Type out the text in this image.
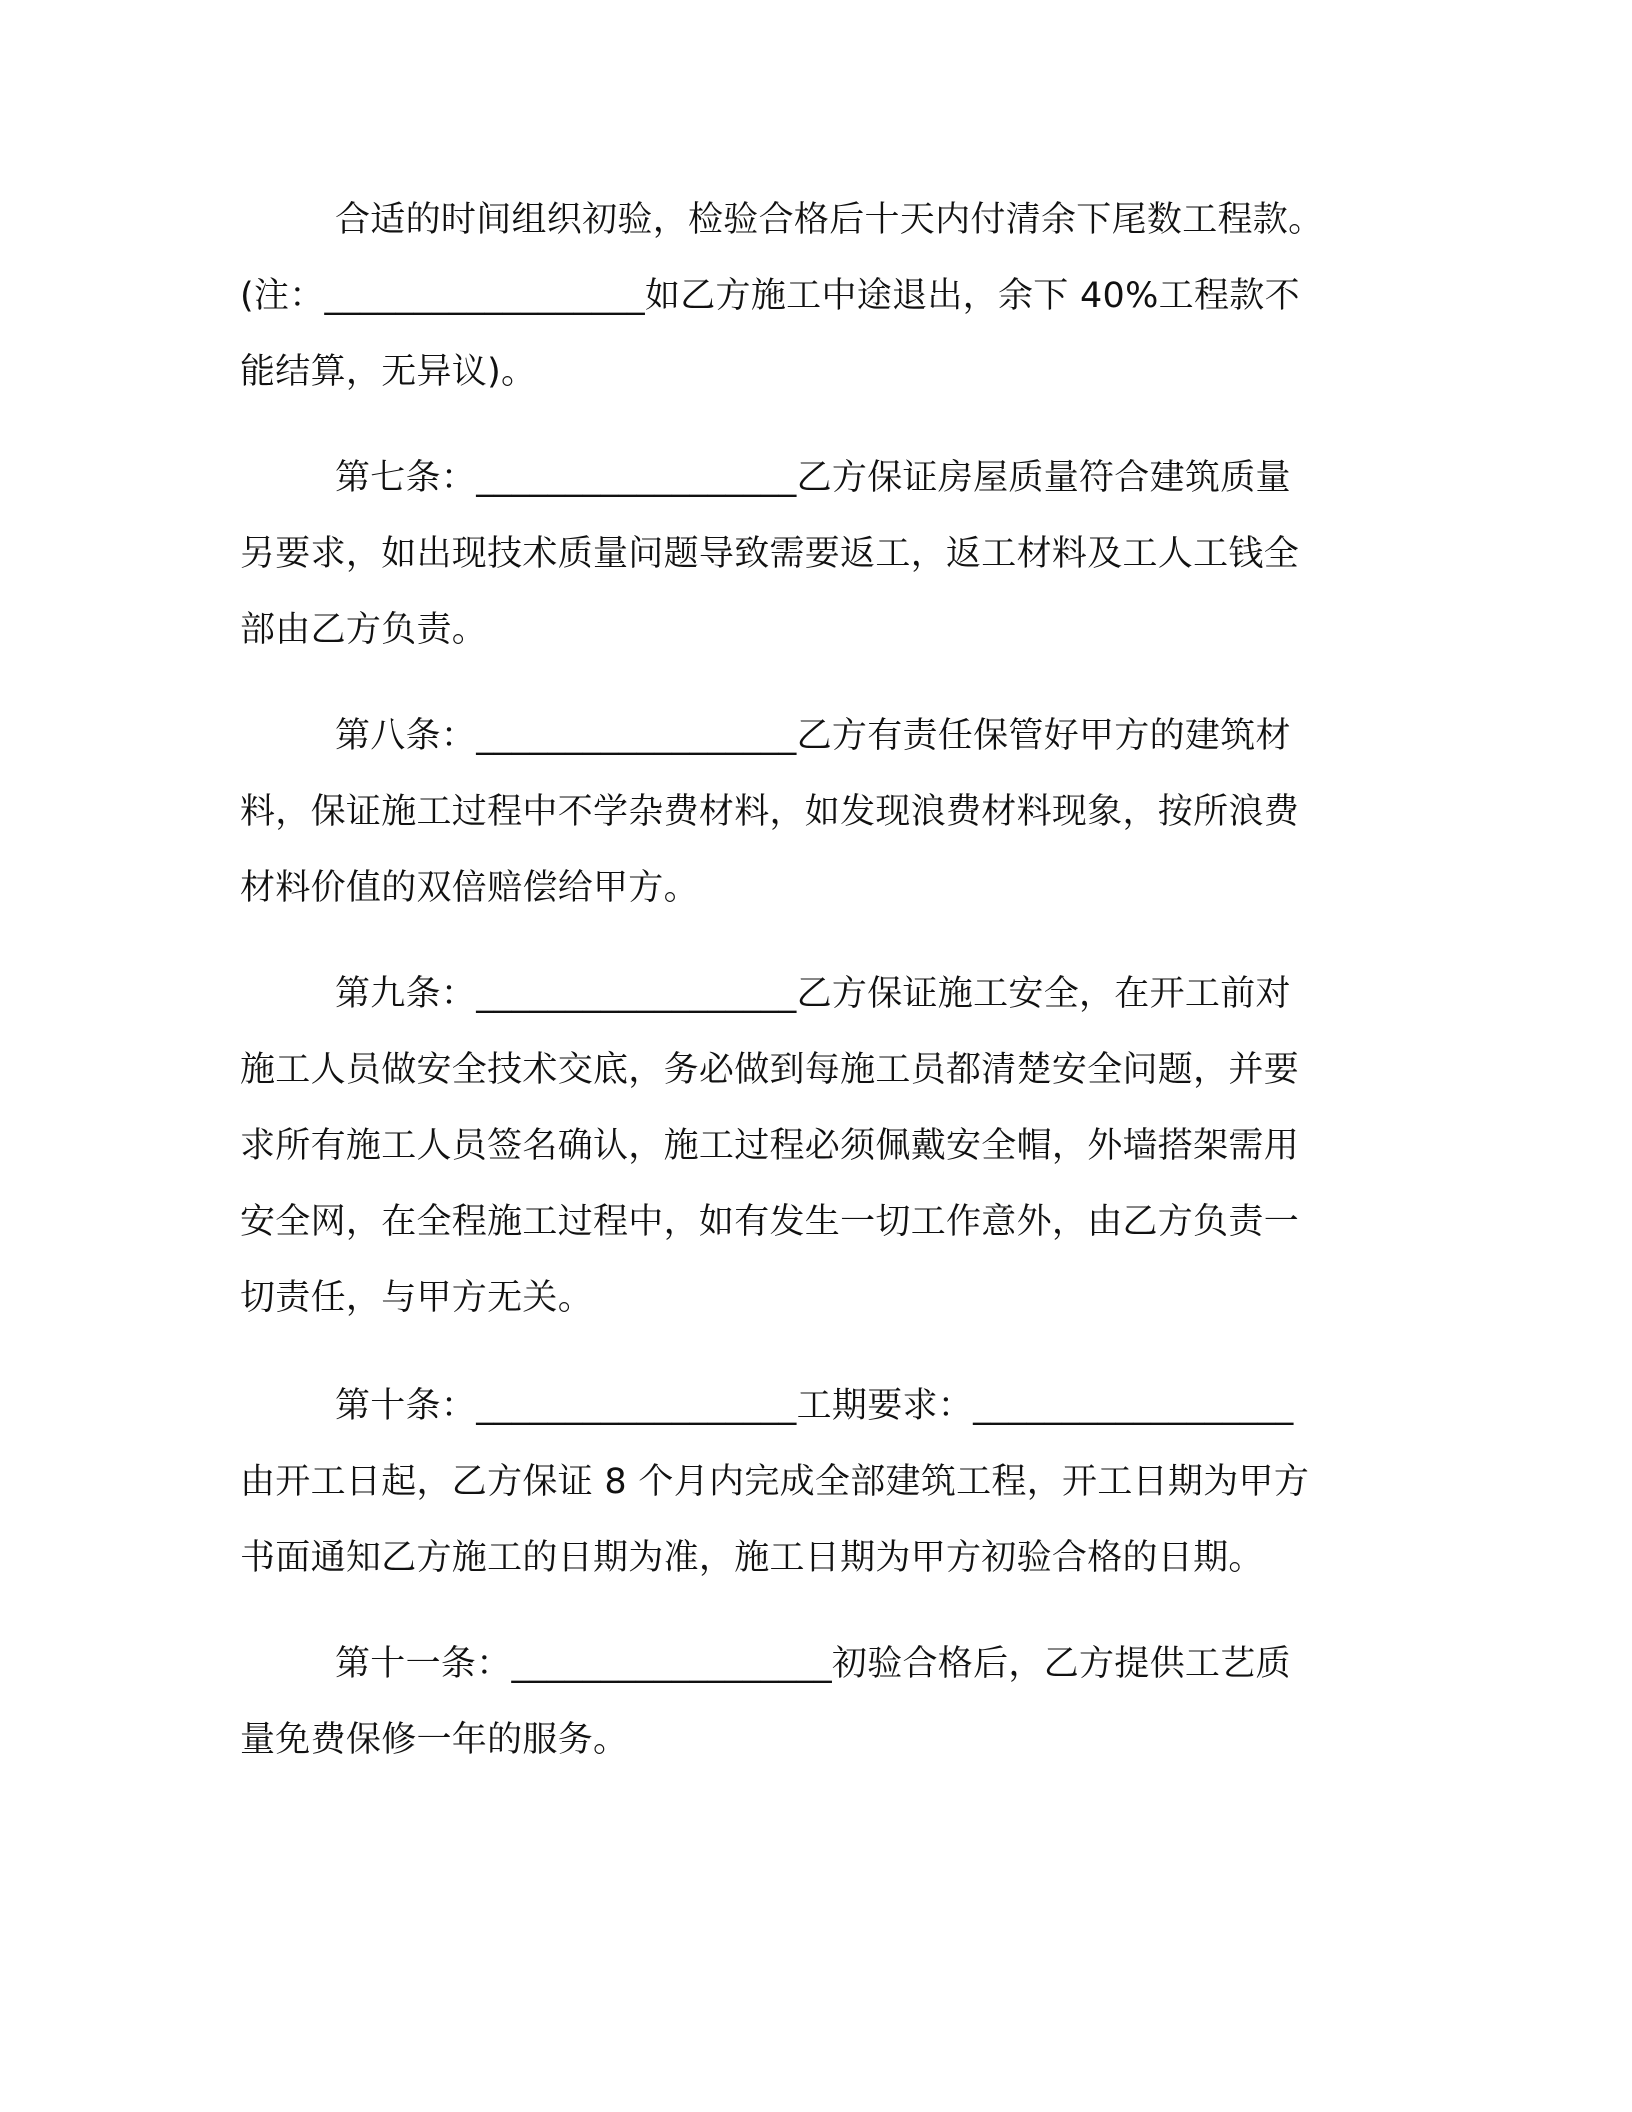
合适的时间组织初验，检验合格后十天内付清余下尾数工程款。
(注：__________________如乙方施工中途退出，余下 40%工程款不
能结算，无异议)。
第七条：__________________乙方保证房屋质量符合建筑质量
另要求，如出现技术质量问题导致需要返工，返工材料及工人工钱全
部由乙方负责。
第八条：__________________乙方有责任保管好甲方的建筑材
料，保证施工过程中不学杂费材料，如发现浪费材料现象，按所浪费
材料价值的双倍赔偿给甲方。
第九条：__________________乙方保证施工安全，在开工前对
施工人员做安全技术交底，务必做到每施工员都清楚安全问题，并要
求所有施工人员签名确认，施工过程必须佩戴安全帽，外墙搭架需用
安全网，在全程施工过程中，如有发生一切工作意外，由乙方负责一
切责任，与甲方无关。
第十条：__________________工期要求：__________________
由开工日起，乙方保证 8 个月内完成全部建筑工程，开工日期为甲方
书面通知乙方施工的日期为准，施工日期为甲方初验合格的日期。
第十一条：__________________初验合格后，乙方提供工艺质
量免费保修一年的服务。
